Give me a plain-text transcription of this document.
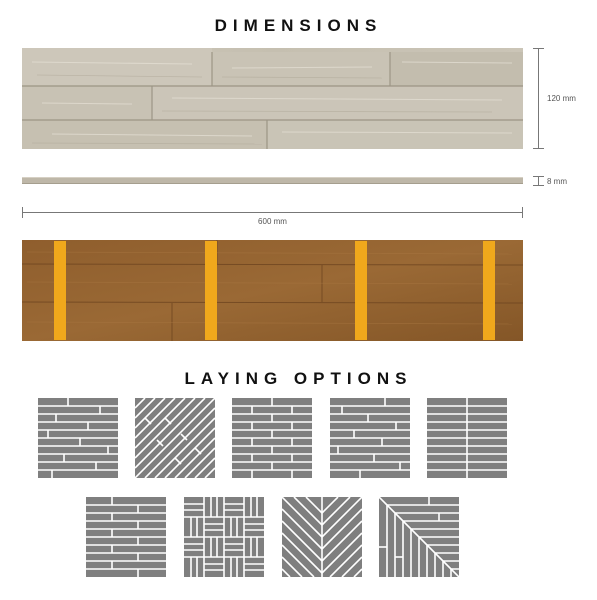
DIMENSIONS
120 mm
8 mm
600 mm
LAYING OPTIONS
